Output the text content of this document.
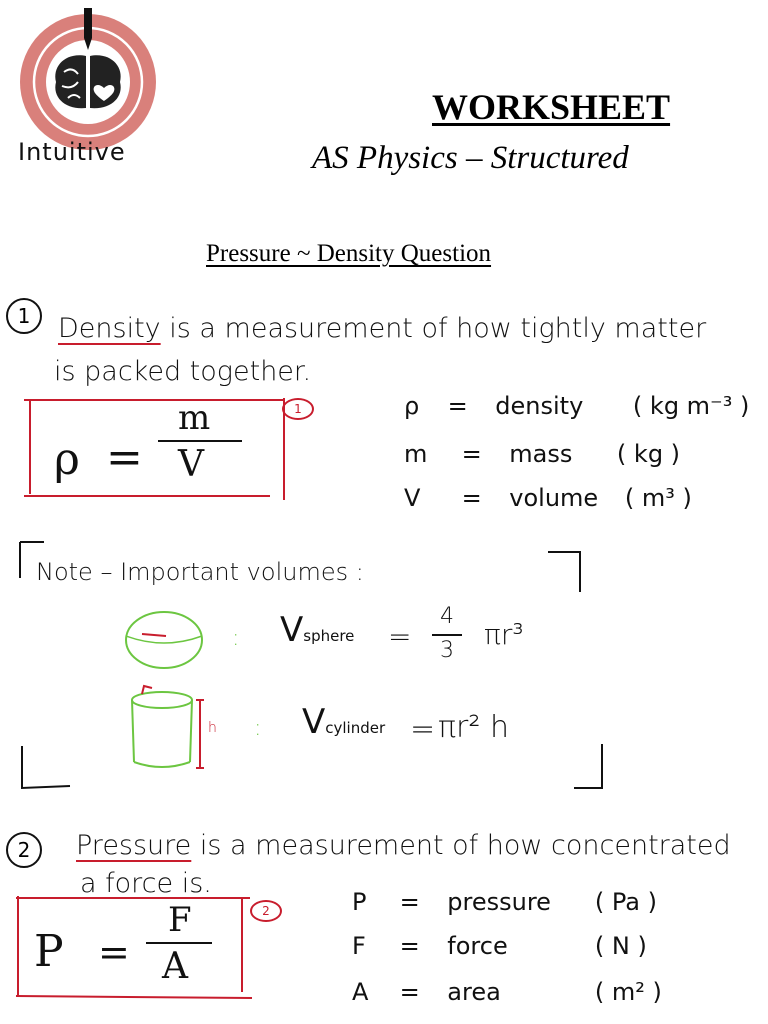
Intuitive
WORKSHEET
AS Physics – Structured
Pressure ~ Density Question
1	Density is a measurement of how tightly matter
is packed together.
1
ρ =
m
V
ρ = density ( kg m⁻³ )
m = mass ( kg )
V = volume ( m³ )
Note – Important volumes :
: Vsphere =
4
3 πr³
h : Vcylinder = πr² h
2	Pressure is a measurement of how concentrated
a force is.
2
P =
F
A
P = pressure ( Pa )
F = force	( N )
A = area	( m² )
